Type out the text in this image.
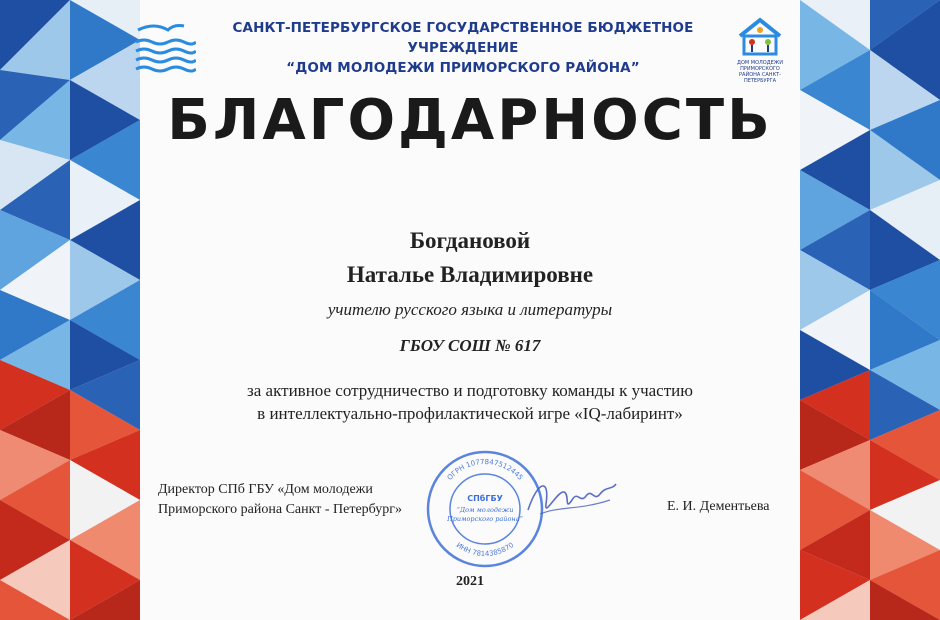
САНКТ-ПЕТЕРБУРГСКОЕ ГОСУДАРСТВЕННОЕ БЮДЖЕТНОЕ УЧРЕЖДЕНИЕ
“ДОМ МОЛОДЕЖИ ПРИМОРСКОГО РАЙОНА”	ДОМ МОЛОДЕЖИ ПРИМОРСКОГО РАЙОНА САНКТ-ПЕТЕРБУРГА
БЛАГОДАРНОСТЬ
Богдановой
Наталье Владимировне
учителю русского языка и литературы
ГБОУ СОШ № 617
за активное сотрудничество и подготовку команды к участию
в интеллектуально-профилактической игре «IQ-лабиринт»
Директор СПб ГБУ «Дом молодежи
Приморского района Санкт - Петербург»
ОГРН 1077847512445
ИНН 7814385870
СПбГБУ
“Дом молодежи
Приморского района”
Е. И. Дементьева
2021
